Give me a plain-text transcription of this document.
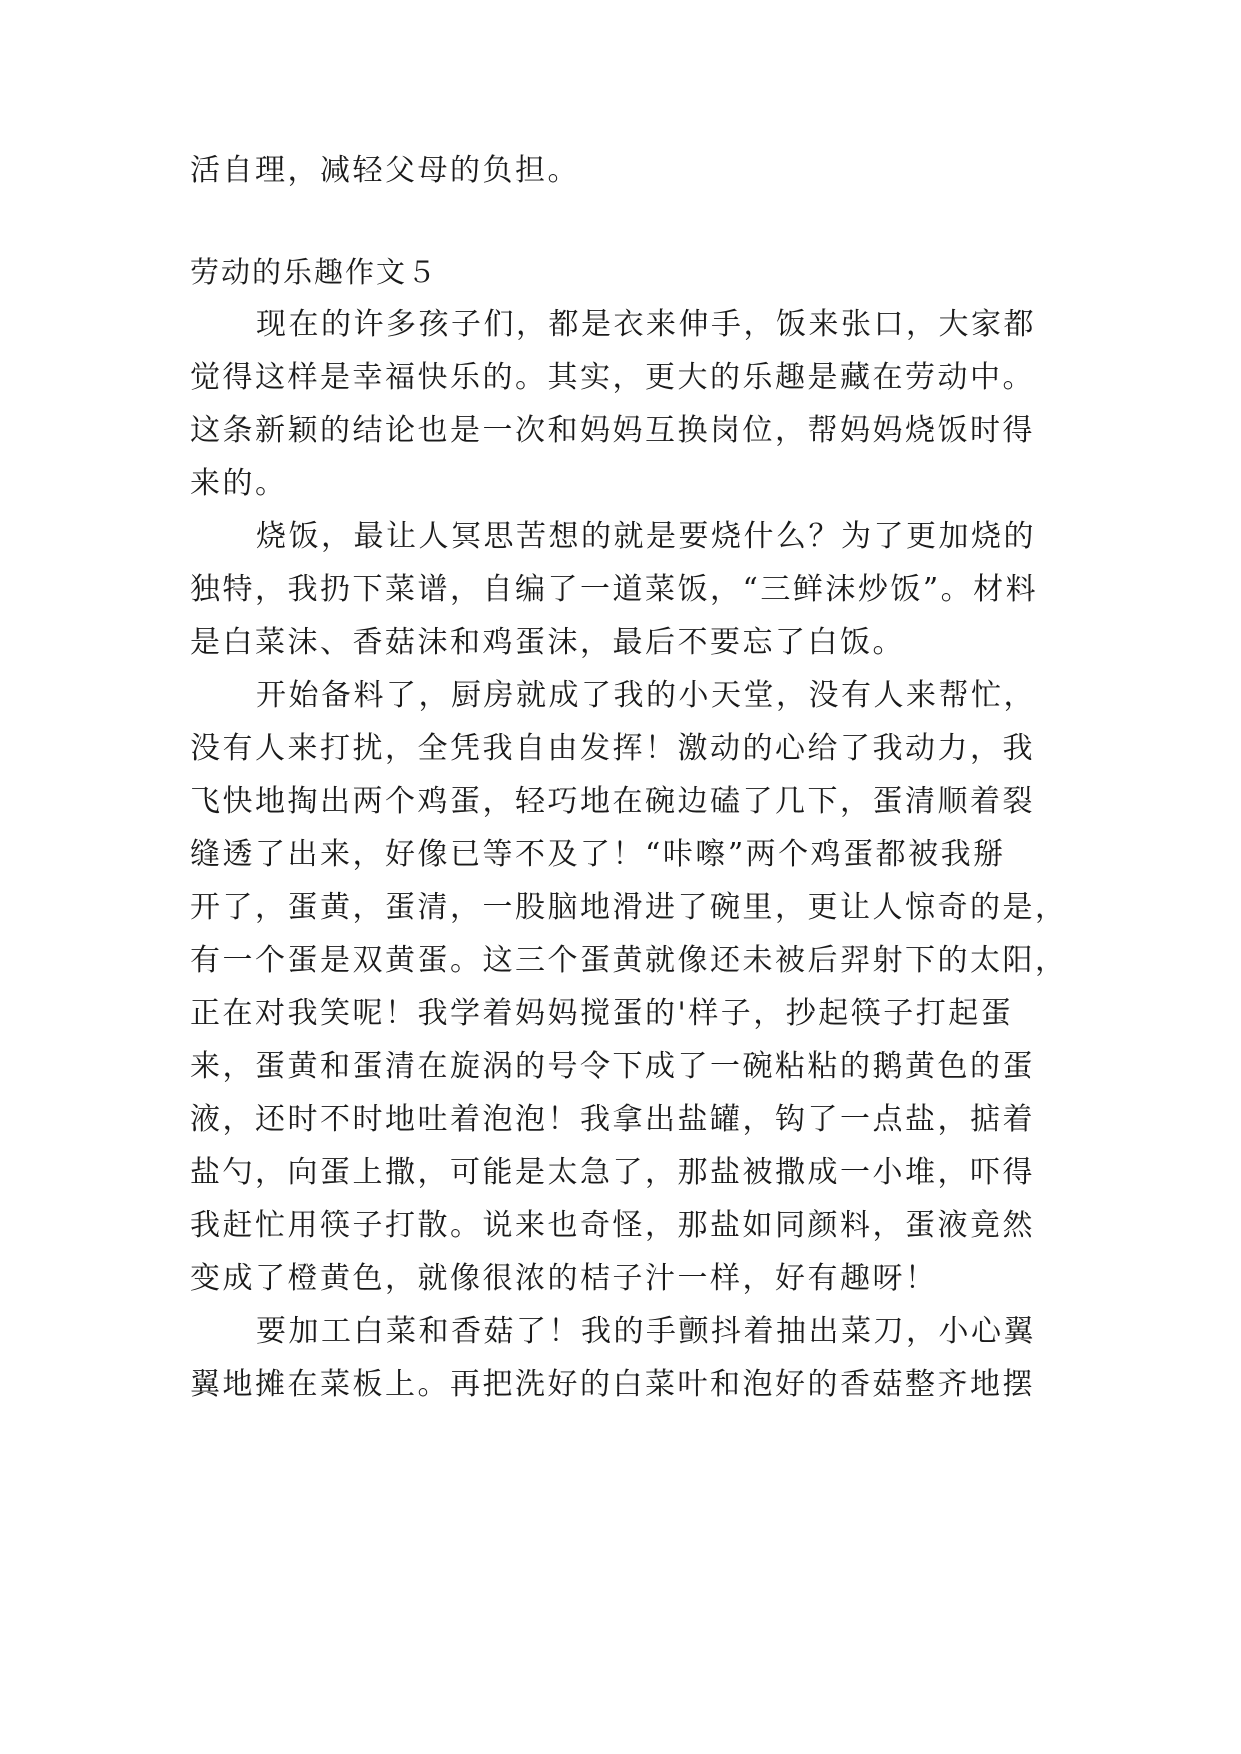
活自理，减轻父母的负担。
劳动的乐趣作文５
现在的许多孩子们，都是衣来伸手，饭来张口，大家都
觉得这样是幸福快乐的。其实，更大的乐趣是藏在劳动中。
这条新颖的结论也是一次和妈妈互换岗位，帮妈妈烧饭时得
来的。
烧饭，最让人冥思苦想的就是要烧什么？为了更加烧的
独特，我扔下菜谱，自编了一道菜饭，“三鲜沫炒饭”。材料
是白菜沫、香菇沫和鸡蛋沫，最后不要忘了白饭。
开始备料了，厨房就成了我的小天堂，没有人来帮忙，
没有人来打扰，全凭我自由发挥！激动的心给了我动力，我
飞快地掏出两个鸡蛋，轻巧地在碗边磕了几下，蛋清顺着裂
缝透了出来，好像已等不及了！“咔嚓”两个鸡蛋都被我掰
开了，蛋黄，蛋清，一股脑地滑进了碗里，更让人惊奇的是，
有一个蛋是双黄蛋。这三个蛋黄就像还未被后羿射下的太阳，
正在对我笑呢！我学着妈妈搅蛋的'样子，抄起筷子打起蛋
来，蛋黄和蛋清在旋涡的号令下成了一碗粘粘的鹅黄色的蛋
液，还时不时地吐着泡泡！我拿出盐罐，钩了一点盐，掂着
盐勺，向蛋上撒，可能是太急了，那盐被撒成一小堆，吓得
我赶忙用筷子打散。说来也奇怪，那盐如同颜料，蛋液竟然
变成了橙黄色，就像很浓的桔子汁一样，好有趣呀！
要加工白菜和香菇了！我的手颤抖着抽出菜刀，小心翼
翼地摊在菜板上。再把洗好的白菜叶和泡好的香菇整齐地摆
